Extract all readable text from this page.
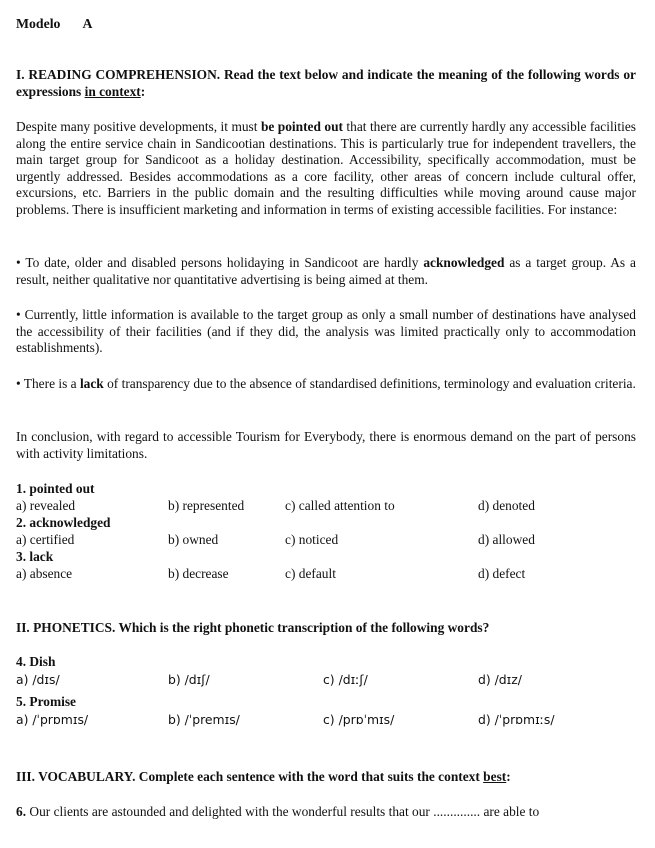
Modelo A
I. READING COMPREHENSION. Read the text below and indicate the meaning of the following words or expressions in context:

Despite many positive developments, it must be pointed out that there are currently hardly any accessible facilities along the entire service chain in Sandicootian destinations. This is particularly true for independent travellers, the main target group for Sandicoot as a holiday destination. Accessibility, specifically accommodation, must be urgently addressed. Besides accommodations as a core facility, other areas of concern include cultural offer, excursions, etc. Barriers in the public domain and the resulting difficulties while moving around cause major problems. There is insufficient marketing and information in terms of existing accessible facilities. For instance:

• To date, older and disabled persons holidaying in Sandicoot are hardly acknowledged as a target group. As a result, neither qualitative nor quantitative advertising is being aimed at them.

• Currently, little information is available to the target group as only a small number of destinations have analysed the accessibility of their facilities (and if they did, the analysis was limited practically only to accommodation establishments).

• There is a lack of transparency due to the absence of standardised definitions, terminology and evaluation criteria.

In conclusion, with regard to accessible Tourism for Everybody, there is enormous demand on the part of persons with activity limitations.

1. pointed out
a) revealed	b) represented	c) called attention to	d) denoted
2. acknowledged
a) certified	b) owned	c) noticed	d) allowed
3. lack
a) absence	b) decrease	c) default	d) defect
II. PHONETICS. Which is the right phonetic transcription of the following words?
4. Dish
a) /dɪs/	b) /dɪʃ/	c) /dɪːʃ/	d) /dɪz/
5. Promise
a) /ˈprɒmɪs/	b) /ˈpremɪs/	c) /prɒˈmɪs/	d) /ˈprɒmɪːs/
III. VOCABULARY. Complete each sentence with the word that suits the context best:
6. Our clients are astounded and delighted with the wonderful results that our .............. are able to
